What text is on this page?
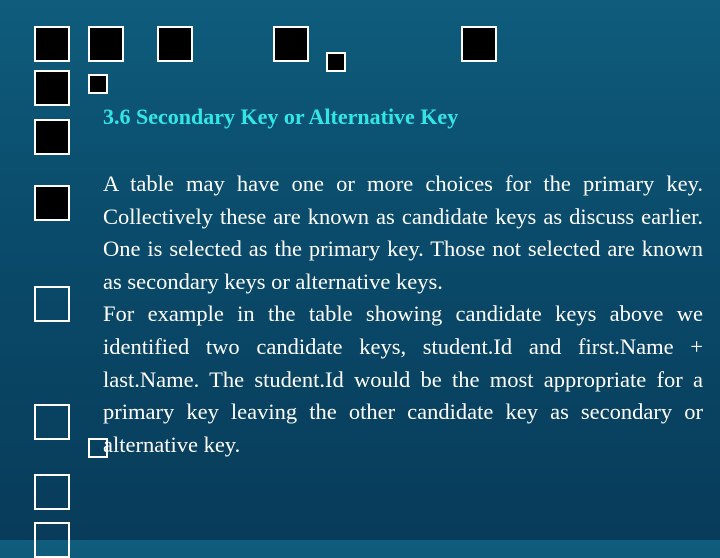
3.6 Secondary Key or Alternative Key

A table may have one or more choices for the primary key. Collectively these are known as candidate keys as discuss earlier. One is selected as the primary key. Those not selected are known as secondary keys or alternative keys.

For example in the table showing candidate keys above we identified two candidate keys, student.Id and first.Name + last.Name. The student.Id would be the most appropriate for a primary key leaving the other candidate key as secondary or alternative key.
